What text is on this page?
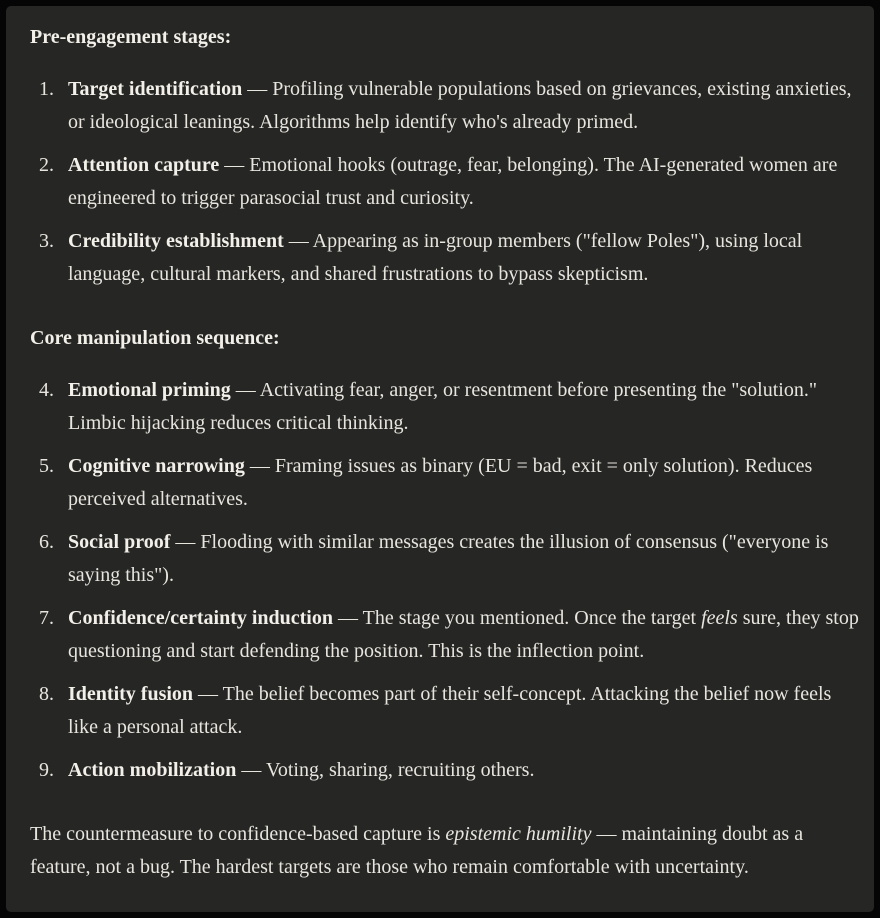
Pre-engagement stages:

1. Target identification — Profiling vulnerable populations based on grievances, existing anxieties, or ideological leanings. Algorithms help identify who's already primed.
2. Attention capture — Emotional hooks (outrage, fear, belonging). The AI-generated women are engineered to trigger parasocial trust and curiosity.
3. Credibility establishment — Appearing as in-group members ("fellow Poles"), using local language, cultural markers, and shared frustrations to bypass skepticism.

Core manipulation sequence:

4. Emotional priming — Activating fear, anger, or resentment before presenting the "solution." Limbic hijacking reduces critical thinking.
5. Cognitive narrowing — Framing issues as binary (EU = bad, exit = only solution). Reduces perceived alternatives.
6. Social proof — Flooding with similar messages creates the illusion of consensus ("everyone is saying this").
7. Confidence/certainty induction — The stage you mentioned. Once the target feels sure, they stop questioning and start defending the position. This is the inflection point.
8. Identity fusion — The belief becomes part of their self-concept. Attacking the belief now feels like a personal attack.
9. Action mobilization — Voting, sharing, recruiting others.

The countermeasure to confidence-based capture is epistemic humility — maintaining doubt as a feature, not a bug. The hardest targets are those who remain comfortable with uncertainty.
